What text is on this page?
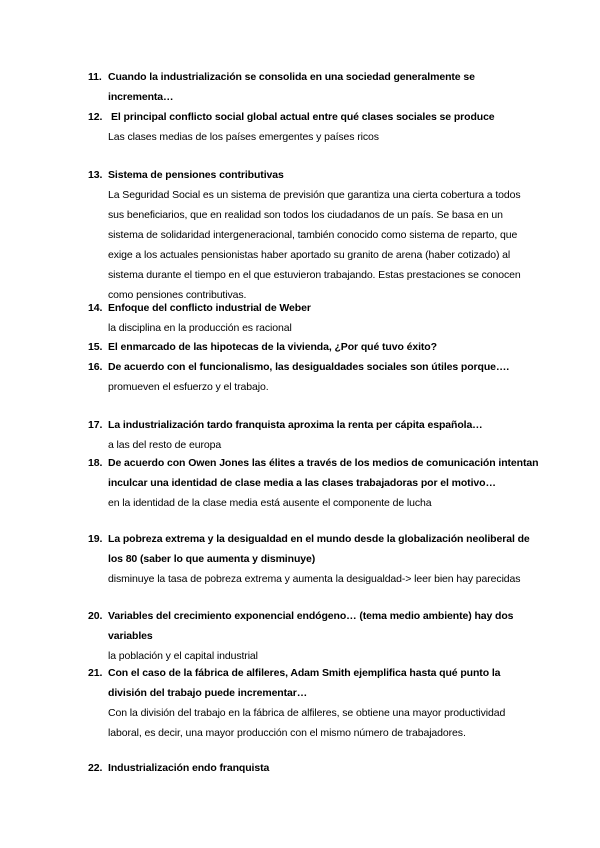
11. Cuando la industrialización se consolida en una sociedad generalmente se incrementa…
12. El principal conflicto social global actual entre qué clases sociales se produce
Las clases medias de los países emergentes y países ricos
13. Sistema de pensiones contributivas
La Seguridad Social es un sistema de previsión que garantiza una cierta cobertura a todos sus beneficiarios, que en realidad son todos los ciudadanos de un país. Se basa en un sistema de solidaridad intergeneracional, también conocido como sistema de reparto, que exige a los actuales pensionistas haber aportado su granito de arena (haber cotizado) al sistema durante el tiempo en el que estuvieron trabajando. Estas prestaciones se conocen como pensiones contributivas.
14. Enfoque del conflicto industrial de Weber
la disciplina en la producción es racional
15. El enmarcado de las hipotecas de la vivienda, ¿Por qué tuvo éxito?
16. De acuerdo con el funcionalismo, las desigualdades sociales son útiles porque….
promueven el esfuerzo y el trabajo.
17. La industrialización tardo franquista aproxima la renta per cápita española…
a las del resto de europa
18. De acuerdo con Owen Jones las élites a través de los medios de comunicación intentan inculcar una identidad de clase media a las clases trabajadoras por el motivo…
en la identidad de la clase media está ausente el componente de lucha
19. La pobreza extrema y la desigualdad en el mundo desde la globalización neoliberal de los 80 (saber lo que aumenta y disminuye)
disminuye la tasa de pobreza extrema y aumenta la desigualdad-> leer bien hay parecidas
20. Variables del crecimiento exponencial endógeno… (tema medio ambiente) hay dos variables
la población y el capital industrial
21. Con el caso de la fábrica de alfileres, Adam Smith ejemplifica hasta qué punto la división del trabajo puede incrementar…
Con la división del trabajo en la fábrica de alfileres, se obtiene una mayor productividad laboral, es decir, una mayor producción con el mismo número de trabajadores.
22. Industrialización endo franquista
